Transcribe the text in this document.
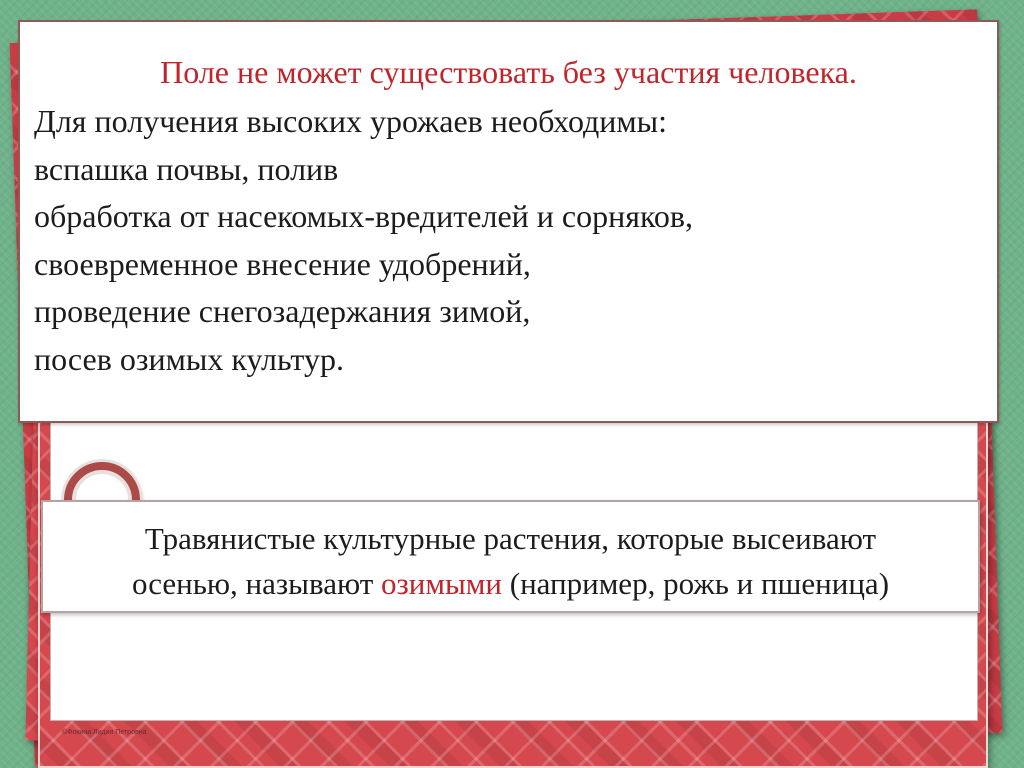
©Фокина Лидия Петровна
Поле не может существовать без участия человека.
Для получения высоких урожаев необходимы:
вспашка почвы, полив
обработка от насекомых-вредителей и сорняков,
своевременное внесение удобрений,
проведение снегозадержания зимой,
посев озимых культур.
Травянистые культурные растения, которые высеивают
осенью, называют озимыми (например, рожь и пшеница)
